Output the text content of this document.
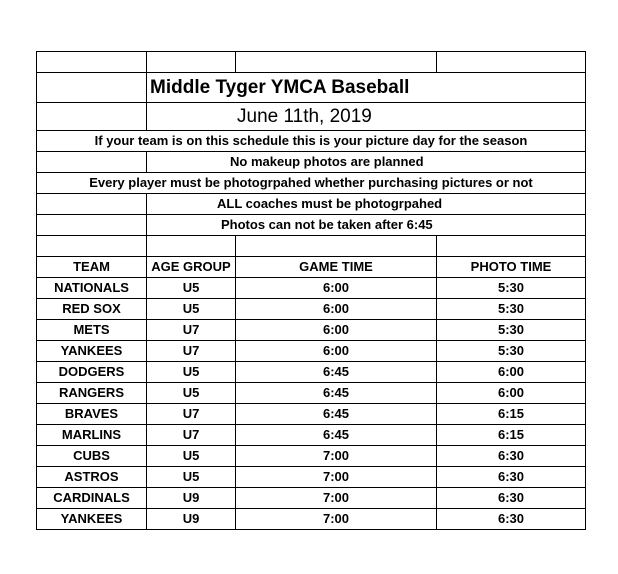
	Middle Tyger YMCA Baseball		
	June 11th, 2019		
If your team is on this schedule this is your picture day for the season			
	No makeup photos are planned		
Every player must be photogrpahed whether purchasing pictures or not			
	ALL coaches must be photogrpahed		
	Photos can not be taken after 6:45		

TEAM	AGE GROUP	GAME TIME	PHOTO TIME
NATIONALS	U5	6:00	5:30
RED SOX	U5	6:00	5:30
METS	U7	6:00	5:30
YANKEES	U7	6:00	5:30
DODGERS	U5	6:45	6:00
RANGERS	U5	6:45	6:00
BRAVES	U7	6:45	6:15
MARLINS	U7	6:45	6:15
CUBS	U5	7:00	6:30
ASTROS	U5	7:00	6:30
CARDINALS	U9	7:00	6:30
YANKEES	U9	7:00	6:30
